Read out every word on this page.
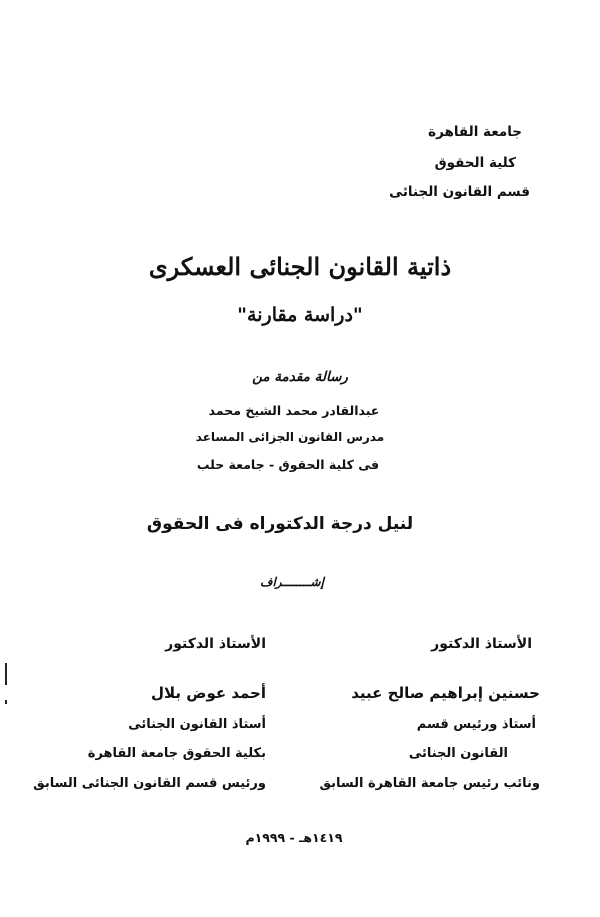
جامعة القاهرة
كلية الحقوق
قسم القانون الجنائى
ذاتية القانون الجنائى العسكرى
"دراسة مقارنة"
رسالة مقدمة من
عبدالقادر محمد الشيخ محمد
مدرس القانون الجزائى المساعد
فى كلية الحقوق - جامعة حلب
لنيل درجة الدكتوراه فى الحقوق
إشــــــــراف
الأستاذ الدكتور
حسنين إبراهيم صالح عبيد
أستاذ ورئيس قسم
القانون الجنائى
ونائب رئيس جامعة القاهرة السابق
الأستاذ الدكتور
أحمد عوض بلال
أستاذ القانون الجنائى
بكلية الحقوق جامعة القاهرة
ورئيس قسم القانون الجنائى السابق
١٤١٩هـ - ١٩٩٩م
